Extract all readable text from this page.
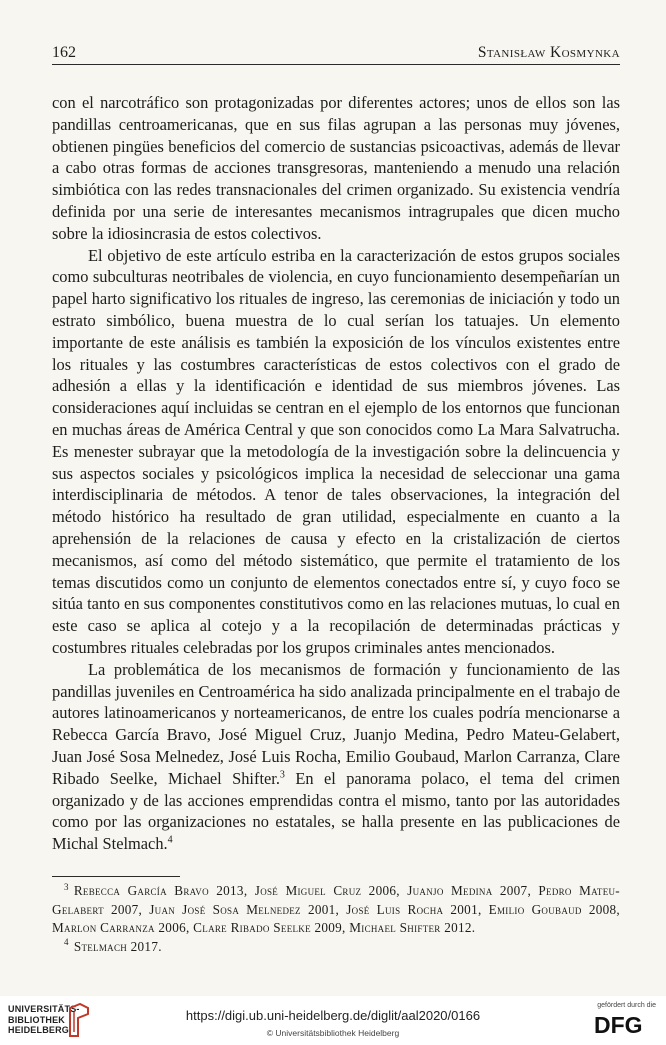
162	Stanisław Kosmynka

con el narcotráfico son protagonizadas por diferentes actores; unos de ellos son las pandillas centroamericanas, que en sus filas agrupan a las personas muy jóvenes, obtienen pingües beneficios del comercio de sustancias psicoactivas, además de llevar a cabo otras formas de acciones transgresoras, manteniendo a menudo una relación simbiótica con las redes transnacionales del crimen organizado. Su existencia vendría definida por una serie de interesantes mecanismos intragrupales que dicen mucho sobre la idiosincrasia de estos colectivos.

El objetivo de este artículo estriba en la caracterización de estos grupos sociales como subculturas neotribales de violencia, en cuyo funcionamiento desempeñarían un papel harto significativo los rituales de ingreso, las ceremonias de iniciación y todo un estrato simbólico, buena muestra de lo cual serían los tatuajes. Un elemento importante de este análisis es también la exposición de los vínculos existentes entre los rituales y las costumbres características de estos colectivos con el grado de adhesión a ellas y la identificación e identidad de sus miembros jóvenes. Las consideraciones aquí incluidas se centran en el ejemplo de los entornos que funcionan en muchas áreas de América Central y que son conocidos como La Mara Salvatrucha. Es menester subrayar que la metodología de la investigación sobre la delincuencia y sus aspectos sociales y psicológicos implica la necesidad de seleccionar una gama interdisciplinaria de métodos. A tenor de tales observaciones, la integración del método histórico ha resultado de gran utilidad, especialmente en cuanto a la aprehensión de la relaciones de causa y efecto en la cristalización de ciertos mecanismos, así como del método sistemático, que permite el tratamiento de los temas discutidos como un conjunto de elementos conectados entre sí, y cuyo foco se sitúa tanto en sus componentes constitutivos como en las relaciones mutuas, lo cual en este caso se aplica al cotejo y a la recopilación de determinadas prácticas y costumbres rituales celebradas por los grupos criminales antes mencionados.

La problemática de los mecanismos de formación y funcionamiento de las pandillas juveniles en Centroamérica ha sido analizada principalmente en el trabajo de autores latinoamericanos y norteamericanos, de entre los cuales podría mencionarse a Rebecca García Bravo, José Miguel Cruz, Juanjo Medina, Pedro Mateu-Gelabert, Juan José Sosa Melnedez, José Luis Rocha, Emilio Goubaud, Marlon Carranza, Clare Ribado Seelke, Michael Shifter.$^3$ En el panorama polaco, el tema del crimen organizado y de las acciones emprendidas contra el mismo, tanto por las autoridades como por las organizaciones no estatales, se halla presente en las publicaciones de Michal Stelmach.$^4$

$^3$ Rebecca García Bravo 2013, José Miguel Cruz 2006, Juanjo Medina 2007, Pedro Mateu-Gelabert 2007, Juan José Sosa Melnedez 2001, José Luis Rocha 2001, Emilio Goubaud 2008, Marlon Carranza 2006, Clare Ribado Seelke 2009, Michael Shifter 2012.
$^4$ Stelmach 2017.
UNIVERSITÄTS-
BIBLIOTHEK
HEIDELBERG
https://digi.ub.uni-heidelberg.de/diglit/aal2020/0166
© Universitätsbibliothek Heidelberg
gefördert durch die
DFG
